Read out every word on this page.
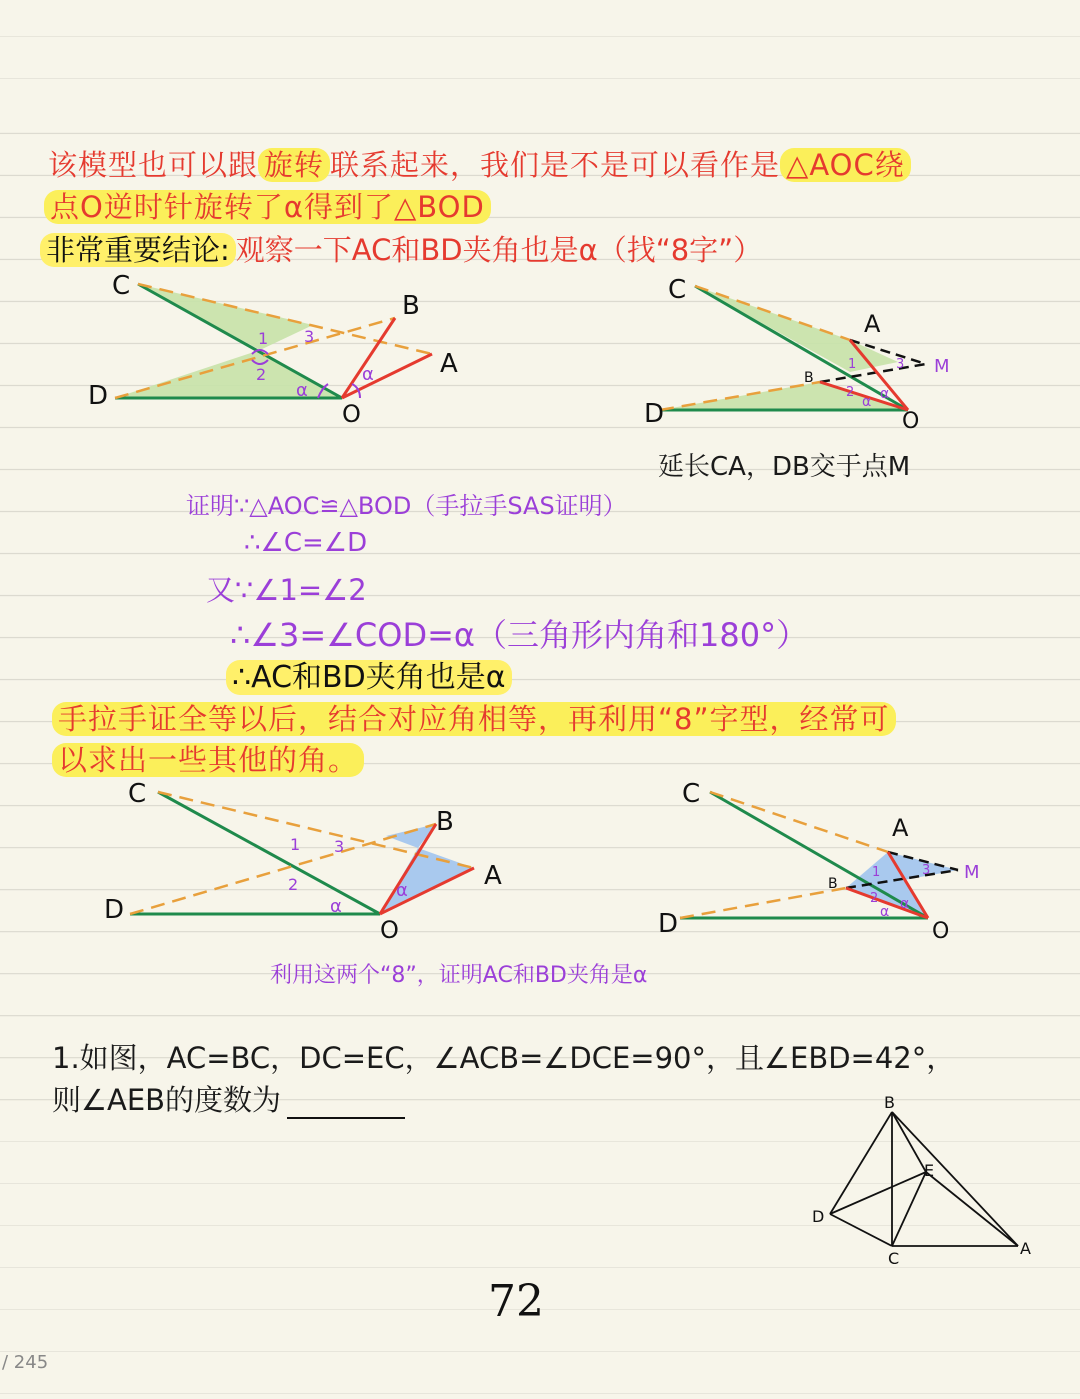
该模型也可以跟 旋转 联系起来，我们是不是可以看作是 △AOC绕
点O逆时针旋转了α得到了△BOD
非常重要结论: 观察一下AC和BD夹角也是α（找“8字”）
C
B
A
D
O
1
2
3
α
α
C
A
M
B
D	O
1
2
3
α α
延长CA，DB交于点M
证明∵△AOC≌△BOD（手拉手SAS证明）
∴∠C=∠D
又∵∠1=∠2
∴∠3=∠COD=α（三角形内角和180°）
∴AC和BD夹角也是α
手拉手证全等以后，结合对应角相等，再利用“8”字型，经常可
以求出一些其他的角。
C
B
A
D
O
1
2
3
α
α
C
A
M
B
D	O
1
2
3
α α
利用这两个“8”，证明AC和BD夹角是α
1.如图，AC=BC，DC=EC，∠ACB=∠DCE=90°，且∠EBD=42°，
则∠AEB的度数为	B
E
D
C
A
72
/ 245
